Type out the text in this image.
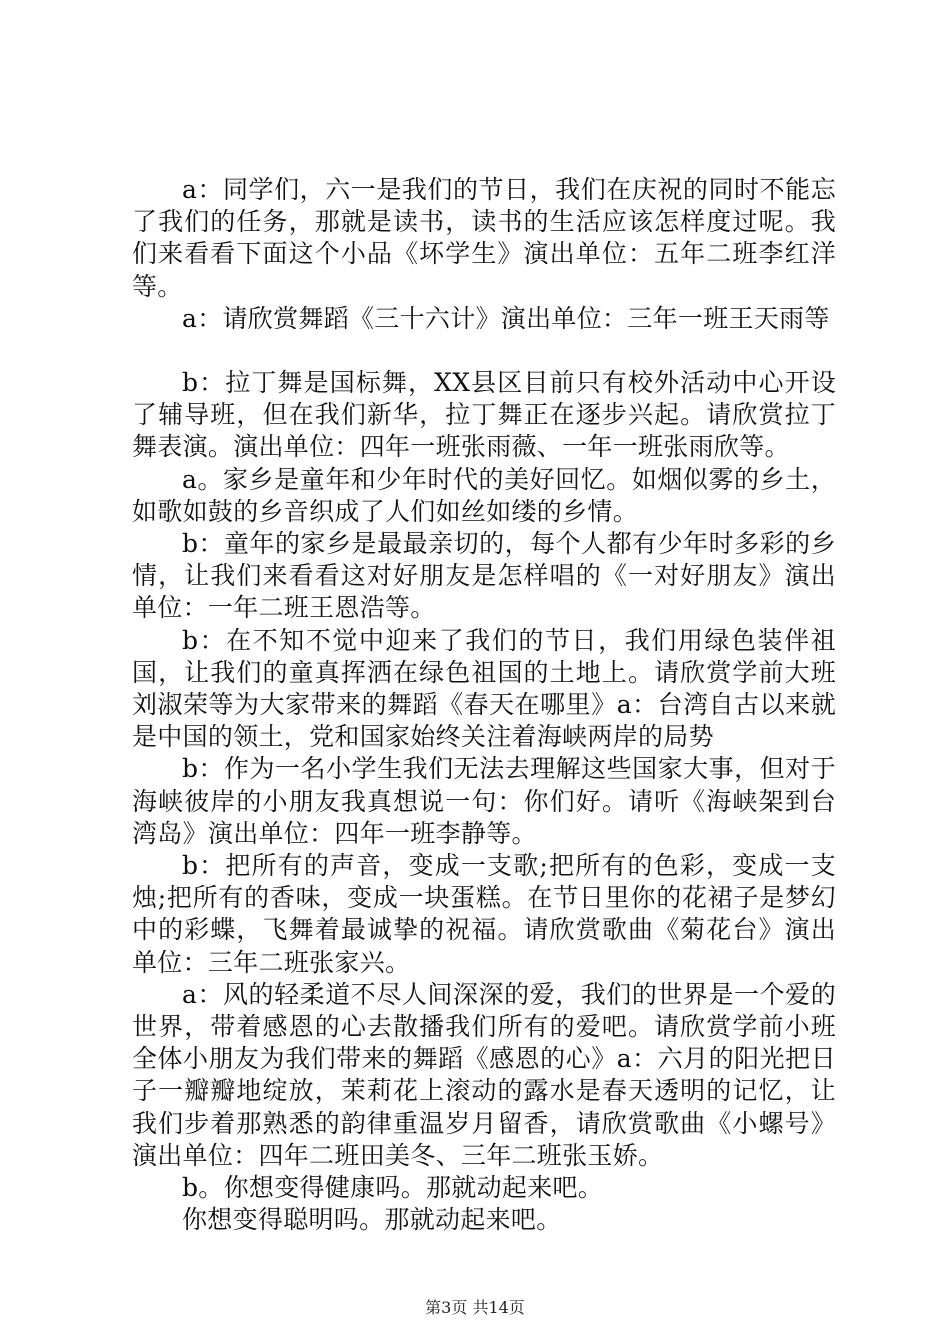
a：同学们，六一是我们的节日，我们在庆祝的同时不能忘了我们的任务，那就是读书，读书的生活应该怎样度过呢。我们来看看下面这个小品《坏学生》演出单位：五年二班李红洋等。

a：请欣赏舞蹈《三十六计》演出单位：三年一班王天雨等

b：拉丁舞是国标舞，XX县区目前只有校外活动中心开设了辅导班，但在我们新华，拉丁舞正在逐步兴起。请欣赏拉丁舞表演。演出单位：四年一班张雨薇、一年一班张雨欣等。

a。家乡是童年和少年时代的美好回忆。如烟似雾的乡土，如歌如鼓的乡音织成了人们如丝如缕的乡情。

b：童年的家乡是最最亲切的，每个人都有少年时多彩的乡情，让我们来看看这对好朋友是怎样唱的《一对好朋友》演出单位：一年二班王恩浩等。

b：在不知不觉中迎来了我们的节日，我们用绿色装伴祖国，让我们的童真挥洒在绿色祖国的土地上。请欣赏学前大班刘淑荣等为大家带来的舞蹈《春天在哪里》a：台湾自古以来就是中国的领土，党和国家始终关注着海峡两岸的局势

b：作为一名小学生我们无法去理解这些国家大事，但对于海峡彼岸的小朋友我真想说一句：你们好。请听《海峡架到台湾岛》演出单位：四年一班李静等。

b：把所有的声音，变成一支歌;把所有的色彩，变成一支烛;把所有的香味，变成一块蛋糕。在节日里你的花裙子是梦幻中的彩蝶，飞舞着最诚挚的祝福。请欣赏歌曲《菊花台》演出单位：三年二班张家兴。

a：风的轻柔道不尽人间深深的爱，我们的世界是一个爱的世界，带着感恩的心去散播我们所有的爱吧。请欣赏学前小班全体小朋友为我们带来的舞蹈《感恩的心》a：六月的阳光把日子一瓣瓣地绽放，茉莉花上滚动的露水是春天透明的记忆，让我们步着那熟悉的韵律重温岁月留香，请欣赏歌曲《小螺号》演出单位：四年二班田美冬、三年二班张玉娇。

b。你想变得健康吗。那就动起来吧。

你想变得聪明吗。那就动起来吧。

第3页 共14页
